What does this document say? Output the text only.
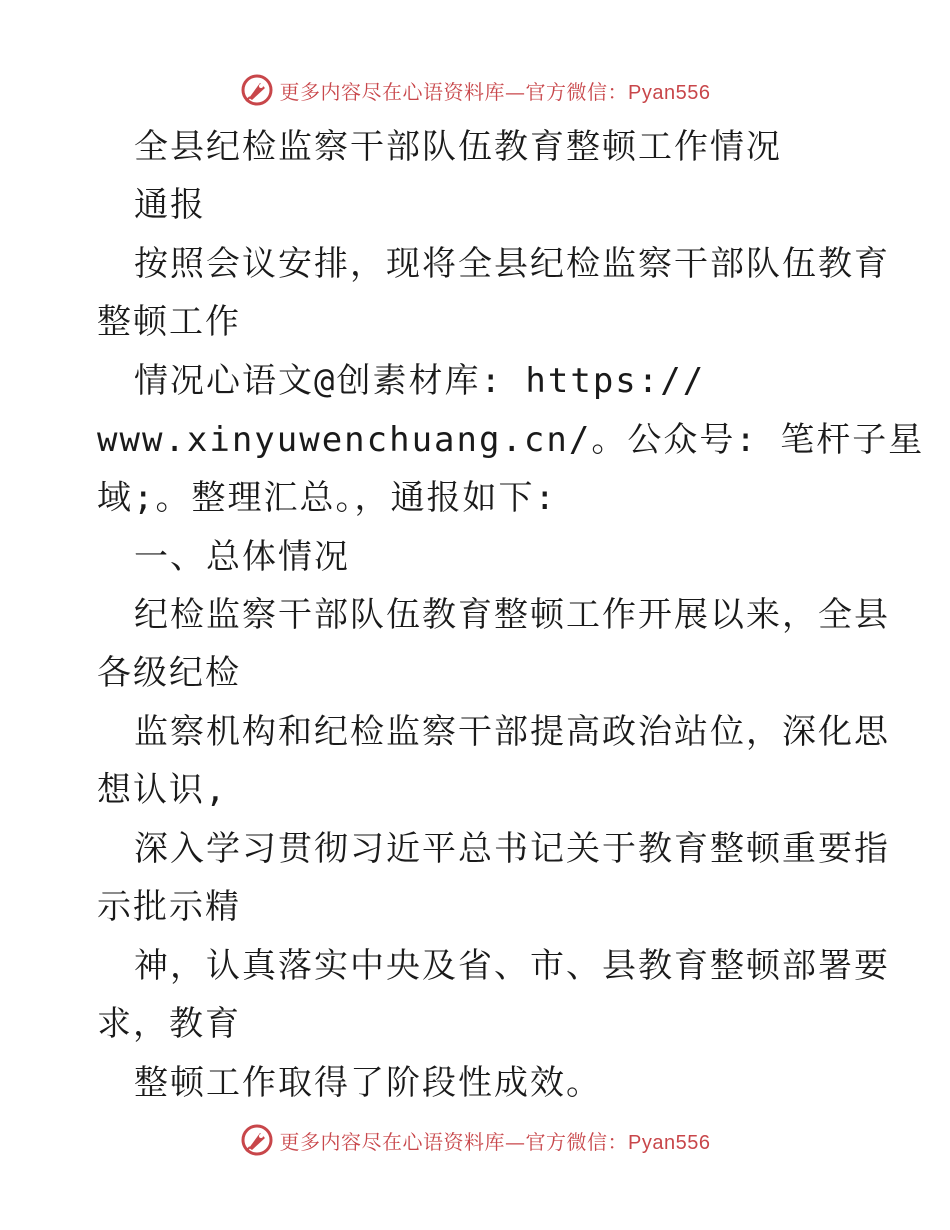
更多内容尽在心语资料库—官方微信：Pyan556
全县纪检监察干部队伍教育整顿工作情况
通报
按照会议安排，现将全县纪检监察干部队伍教育
整顿工作
情况心语文@创素材库: https://
www.xinyuwenchuang.cn/。公众号: 笔杆子星
域;。整理汇总。，通报如下:
一、总体情况
纪检监察干部队伍教育整顿工作开展以来，全县
各级纪检
监察机构和纪检监察干部提高政治站位，深化思
想认识,
深入学习贯彻习近平总书记关于教育整顿重要指
示批示精
神，认真落实中央及省、市、县教育整顿部署要
求，教育
整顿工作取得了阶段性成效。
更多内容尽在心语资料库—官方微信：Pyan556
